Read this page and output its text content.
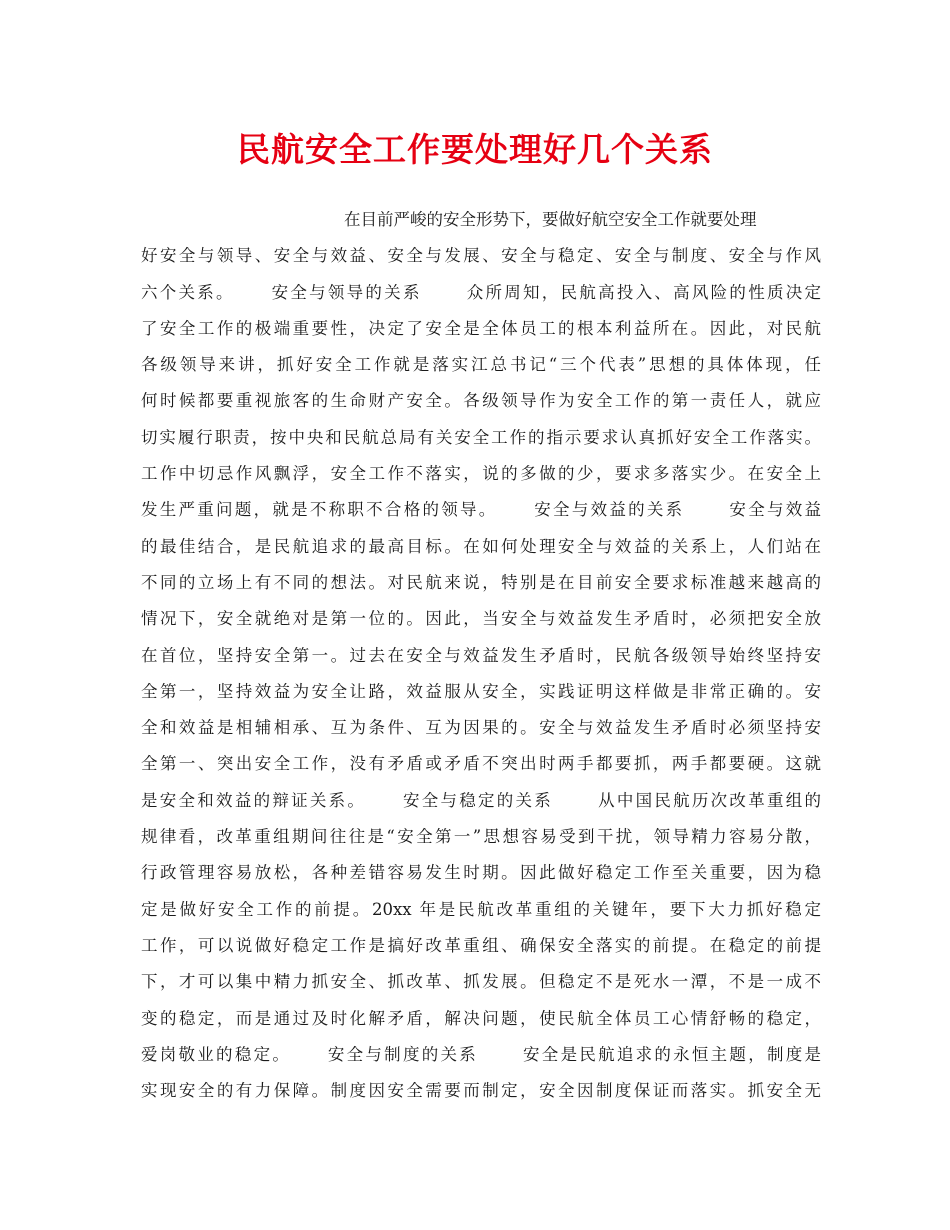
民航安全工作要处理好几个关系
在目前严峻的安全形势下，要做好航空安全工作就要处理
好安全与领导、安全与效益、安全与发展、安全与稳定、安全与制度、安全与作风
六个关系。　　 安全与领导的关系　　 众所周知，民航高投入、高风险的性质决定
了安全工作的极端重要性，决定了安全是全体员工的根本利益所在。因此，对民航
各级领导来讲，抓好安全工作就是落实江总书记“三个代表”思想的具体体现，任
何时候都要重视旅客的生命财产安全。各级领导作为安全工作的第一责任人，就应
切实履行职责，按中央和民航总局有关安全工作的指示要求认真抓好安全工作落实。
工作中切忌作风飘浮，安全工作不落实，说的多做的少，要求多落实少。在安全上
发生严重问题，就是不称职不合格的领导。　　 安全与效益的关系　　 安全与效益
的最佳结合，是民航追求的最高目标。在如何处理安全与效益的关系上，人们站在
不同的立场上有不同的想法。对民航来说，特别是在目前安全要求标准越来越高的
情况下，安全就绝对是第一位的。因此，当安全与效益发生矛盾时，必须把安全放
在首位，坚持安全第一。过去在安全与效益发生矛盾时，民航各级领导始终坚持安
全第一，坚持效益为安全让路，效益服从安全，实践证明这样做是非常正确的。安
全和效益是相辅相承、互为条件、互为因果的。安全与效益发生矛盾时必须坚持安
全第一、突出安全工作，没有矛盾或矛盾不突出时两手都要抓，两手都要硬。这就
是安全和效益的辩证关系。　　 安全与稳定的关系　　 从中国民航历次改革重组的
规律看，改革重组期间往往是“安全第一”思想容易受到干扰，领导精力容易分散，
行政管理容易放松，各种差错容易发生时期。因此做好稳定工作至关重要，因为稳
定是做好安全工作的前提。20xx 年是民航改革重组的关键年，要下大力抓好稳定
工作，可以说做好稳定工作是搞好改革重组、确保安全落实的前提。在稳定的前提
下，才可以集中精力抓安全、抓改革、抓发展。但稳定不是死水一潭，不是一成不
变的稳定，而是通过及时化解矛盾，解决问题，使民航全体员工心情舒畅的稳定，
爱岗敬业的稳定。　　 安全与制度的关系　　 安全是民航追求的永恒主题，制度是
实现安全的有力保障。制度因安全需要而制定，安全因制度保证而落实。抓安全无
